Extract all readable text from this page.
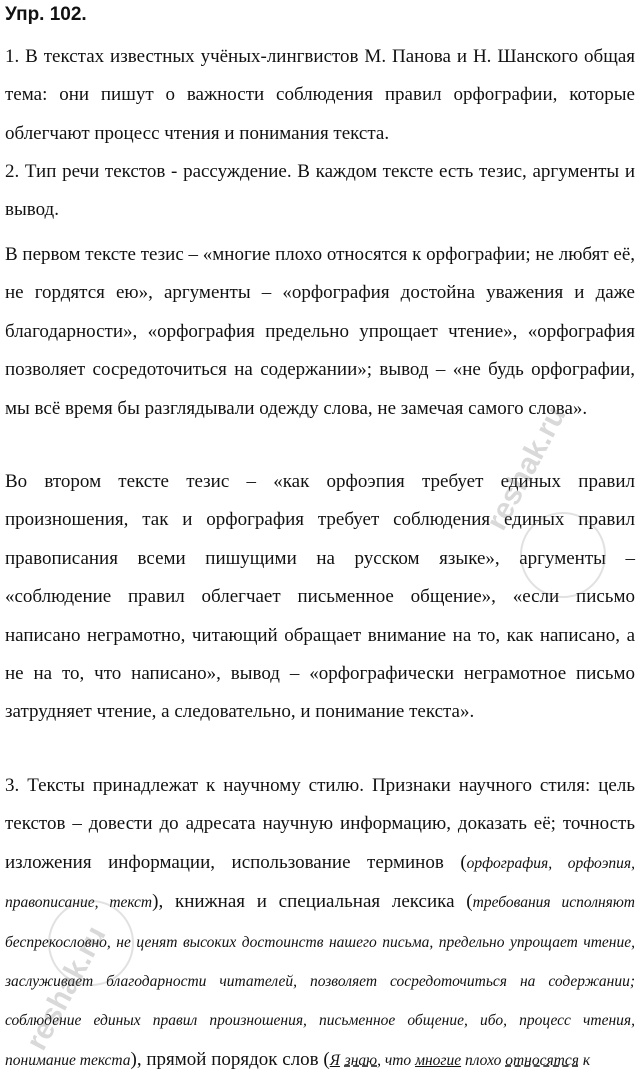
Упр. 102.

1. В текстах известных учёных-лингвистов М. Панова и Н. Шанского общая тема: они пишут о важности соблюдения правил орфографии, которые облегчают процесс чтения и понимания текста.

2. Тип речи текстов - рассуждение. В каждом тексте есть тезис, аргументы и вывод.

В первом тексте тезис – «многие плохо относятся к орфографии; не любят её, не гордятся ею», аргументы – «орфография достойна уважения и даже благодарности», «орфография предельно упрощает чтение», «орфография позволяет сосредоточиться на содержании»; вывод – «не будь орфографии, мы всё время бы разглядывали одежду слова, не замечая самого слова».

Во втором тексте тезис – «как орфоэпия требует единых правил произношения, так и орфография требует соблюдения единых правил правописания всеми пишущими на русском языке», аргументы – «соблюдение правил облегчает письменное общение», «если письмо написано неграмотно, читающий обращает внимание на то, как написано, а не на то, что написано», вывод – «орфографически неграмотное письмо затрудняет чтение, а следовательно, и понимание текста».

3. Тексты принадлежат к научному стилю. Признаки научного стиля: цель текстов – довести до адресата научную информацию, доказать её; точность изложения информации, использование терминов (орфография, орфоэпия, правописание, текст), книжная и специальная лексика (требования исполняют беспрекословно, не ценят высоких достоинств нашего письма, предельно упрощает чтение, заслуживает благодарности читателей, позволяет сосредоточиться на содержании; соблюдение единых правил произношения, письменное общение, ибо, процесс чтения, понимание текста), прямой порядок слов (Я знаю, что многие плохо относятся к

reshak.ru
reshak.ru
